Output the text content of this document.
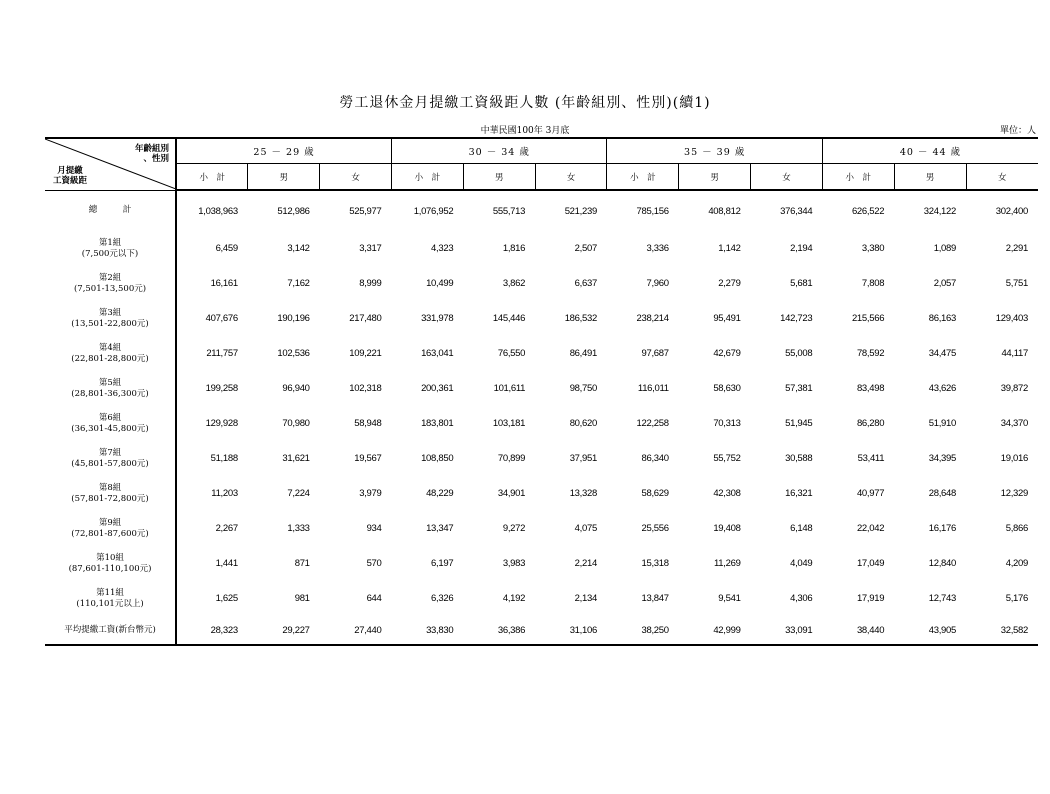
勞工退休金月提繳工資級距人數 (年齡組別、性別)(續1)
中華民國100年 3月底	單位：人
年齡組別
、性別
月提繳
工資級距	25 － 29 歲			30 － 34 歲			35 － 39 歲			40 － 44 歲		
	小　計	男	女	小　計	男	女	小　計	男	女	小　計	男	女

總　　　計	1,038,963	512,986	525,977	1,076,952	555,713	521,239	785,156	408,812	376,344	626,522	324,122	302,400

第1組
(7,500元以下)	6,459	3,142	3,317	4,323	1,816	2,507	3,336	1,142	2,194	3,380	1,089	2,291

第2組
(7,501-13,500元)	16,161	7,162	8,999	10,499	3,862	6,637	7,960	2,279	5,681	7,808	2,057	5,751

第3組
(13,501-22,800元)	407,676	190,196	217,480	331,978	145,446	186,532	238,214	95,491	142,723	215,566	86,163	129,403

第4組
(22,801-28,800元)	211,757	102,536	109,221	163,041	76,550	86,491	97,687	42,679	55,008	78,592	34,475	44,117

第5組
(28,801-36,300元)	199,258	96,940	102,318	200,361	101,611	98,750	116,011	58,630	57,381	83,498	43,626	39,872

第6組
(36,301-45,800元)	129,928	70,980	58,948	183,801	103,181	80,620	122,258	70,313	51,945	86,280	51,910	34,370

第7組
(45,801-57,800元)	51,188	31,621	19,567	108,850	70,899	37,951	86,340	55,752	30,588	53,411	34,395	19,016

第8組
(57,801-72,800元)	11,203	7,224	3,979	48,229	34,901	13,328	58,629	42,308	16,321	40,977	28,648	12,329

第9組
(72,801-87,600元)	2,267	1,333	934	13,347	9,272	4,075	25,556	19,408	6,148	22,042	16,176	5,866

第10組
(87,601-110,100元)	1,441	871	570	6,197	3,983	2,214	15,318	11,269	4,049	17,049	12,840	4,209

第11組
(110,101元以上)	1,625	981	644	6,326	4,192	2,134	13,847	9,541	4,306	17,919	12,743	5,176

平均提繳工資(新台幣元)	28,323	29,227	27,440	33,830	36,386	31,106	38,250	42,999	33,091	38,440	43,905	32,582
